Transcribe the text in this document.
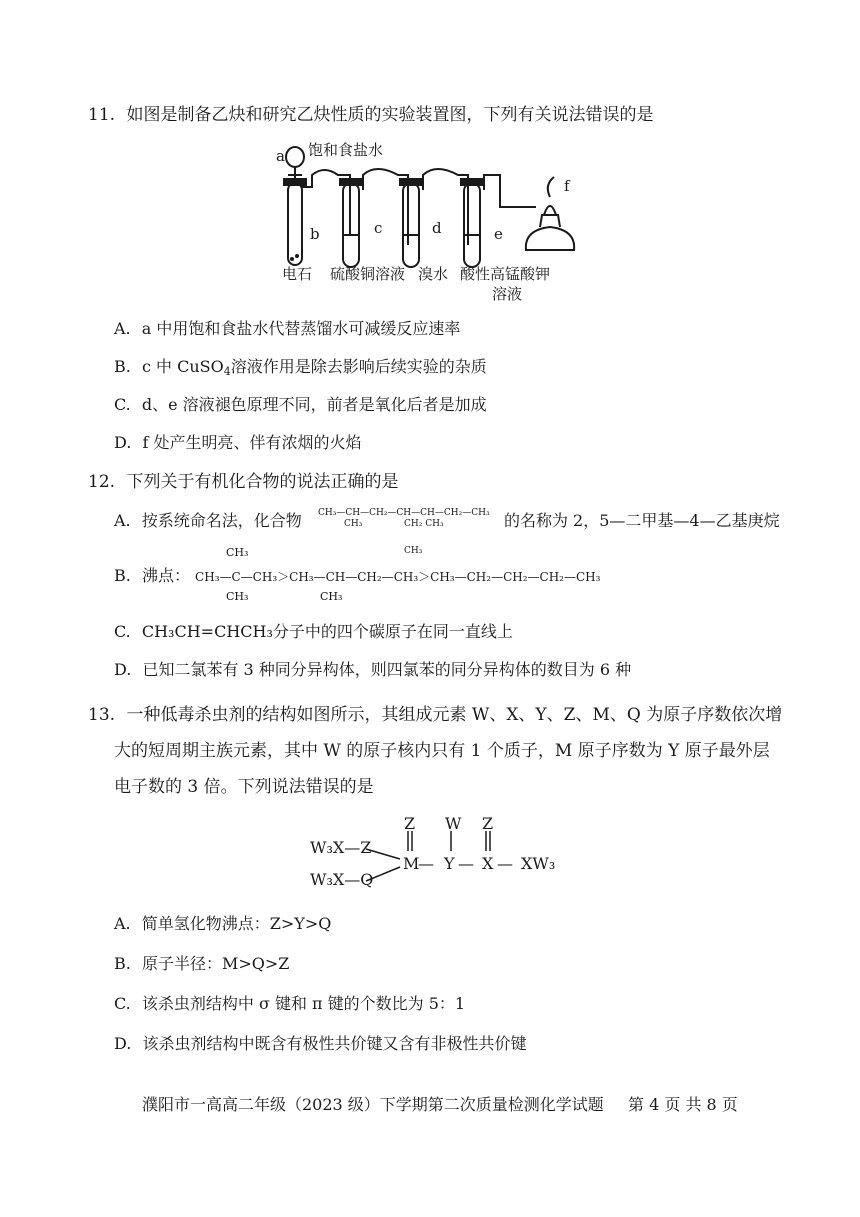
11. 如图是制备乙炔和研究乙炔性质的实验装置图，下列有关说法错误的是
a 饱和食盐水
b	c	d	e
f
电石 硫酸铜溶液 溴水 酸性高锰酸钾
溶液
A. a 中用饱和食盐水代替蒸馏水可减缓反应速率
B. c 中 CuSO$_4$溶液作用是除去影响后续实验的杂质
C. d、e 溶液褪色原理不同，前者是氧化后者是加成
D. f 处产生明亮、伴有浓烟的火焰
12. 下列关于有机化合物的说法正确的是
A. 按系统命名法，化合物	的名称为 2，5—二甲基—4—乙基庚烷
CH₃—CH—CH₂—CH—CH—CH₂—CH₃
CH₃	CH₂ CH₃
CH₃
CH₃
B. 沸点： CH₃—C—CH₃＞CH₃—CH—CH₂—CH₃＞CH₃—CH₂—CH₂—CH₂—CH₃
CH₃	CH₃
C. CH₃CH=CHCH₃分子中的四个碳原子在同一直线上
D. 已知二氯苯有 3 种同分异构体，则四氯苯的同分异构体的数目为 6 种
13. 一种低毒杀虫剂的结构如图所示，其组成元素 W、X、Y、Z、M、Q 为原子序数依次增
大的短周期主族元素，其中 W 的原子核内只有 1 个质子，M 原子序数为 Y 原子最外层
电子数的 3 倍。下列说法错误的是
W₃X—Z
W₃X—Q
M
— Y — X — XW₃
Z W Z
A. 简单氢化物沸点：Z>Y>Q
B. 原子半径：M>Q>Z
C. 该杀虫剂结构中 σ 键和 π 键的个数比为 5：1
D. 该杀虫剂结构中既含有极性共价键又含有非极性共价键
濮阳市一高高二年级（2023 级）下学期第二次质量检测化学试题 第 4 页 共 8 页
